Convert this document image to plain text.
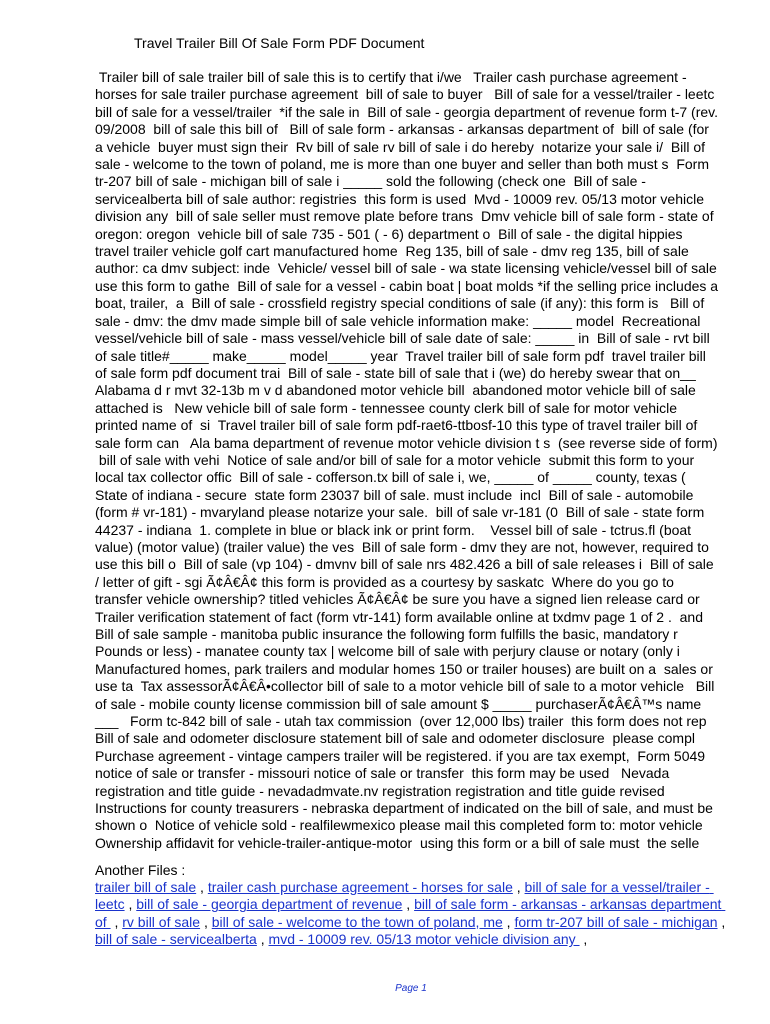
Travel Trailer Bill Of Sale Form PDF Document
Trailer bill of sale trailer bill of sale this is to certify that i/we   Trailer cash purchase agreement -
horses for sale trailer purchase agreement  bill of sale to buyer   Bill of sale for a vessel/trailer - leetc
bill of sale for a vessel/trailer  *if the sale in  Bill of sale - georgia department of revenue form t-7 (rev.
09/2008  bill of sale this bill of   Bill of sale form - arkansas - arkansas department of  bill of sale (for
a vehicle  buyer must sign their  Rv bill of sale rv bill of sale i do hereby  notarize your sale i/  Bill of
sale - welcome to the town of poland, me is more than one buyer and seller than both must s  Form
tr-207 bill of sale - michigan bill of sale i _____ sold the following (check one  Bill of sale -
servicealberta bill of sale author: registries  this form is used  Mvd - 10009 rev. 05/13 motor vehicle
division any  bill of sale seller must remove plate before trans  Dmv vehicle bill of sale form - state of
oregon: oregon  vehicle bill of sale 735 - 501 ( - 6) department o  Bill of sale - the digital hippies
travel trailer vehicle golf cart manufactured home  Reg 135, bill of sale - dmv reg 135, bill of sale
author: ca dmv subject: inde  Vehicle/ vessel bill of sale - wa state licensing vehicle/vessel bill of sale
use this form to gathe  Bill of sale for a vessel - cabin boat | boat molds *if the selling price includes a
boat, trailer,  a  Bill of sale - crossfield registry special conditions of sale (if any): this form is   Bill of
sale - dmv: the dmv made simple bill of sale vehicle information make: _____ model  Recreational
vessel/vehicle bill of sale - mass vessel/vehicle bill of sale date of sale: _____ in  Bill of sale - rvt bill
of sale title#_____ make_____ model_____ year  Travel trailer bill of sale form pdf  travel trailer bill
of sale form pdf document trai  Bill of sale - state bill of sale that i (we) do hereby swear that on__
Alabama d r mvt 32-13b m v d abandoned motor vehicle bill  abandoned motor vehicle bill of sale
attached is   New vehicle bill of sale form - tennessee county clerk bill of sale for motor vehicle
printed name of  si  Travel trailer bill of sale form pdf-raet6-ttbosf-10 this type of travel trailer bill of
sale form can   Ala bama department of revenue motor vehicle division t s  (see reverse side of form)
bill of sale with vehi  Notice of sale and/or bill of sale for a motor vehicle  submit this form to your
local tax collector offic  Bill of sale - cofferson.tx bill of sale i, we, _____ of _____ county, texas (
State of indiana - secure  state form 23037 bill of sale. must include  incl  Bill of sale - automobile
(form # vr-181) - mvaryland please notarize your sale.  bill of sale vr-181 (0  Bill of sale - state form
44237 - indiana  1. complete in blue or black ink or print form.    Vessel bill of sale - tctrus.fl (boat
value) (motor value) (trailer value) the ves  Bill of sale form - dmv they are not, however, required to
use this bill o  Bill of sale (vp 104) - dmvnv bill of sale nrs 482.426 a bill of sale releases i  Bill of sale
/ letter of gift - sgi Ã¢Â€Â¢ this form is provided as a courtesy by saskatc  Where do you go to
transfer vehicle ownership? titled vehicles Ã¢Â€Â¢ be sure you have a signed lien release card or
Trailer verification statement of fact (form vtr-141) form available online at txdmv page 1 of 2 .  and
Bill of sale sample - manitoba public insurance the following form fulfills the basic, mandatory r
Pounds or less) - manatee county tax | welcome bill of sale with perjury clause or notary (only i
Manufactured homes, park trailers and modular homes 150 or trailer houses) are built on a  sales or
use ta  Tax assessorÃ¢Â€Â•collector bill of sale to a motor vehicle bill of sale to a motor vehicle   Bill
of sale - mobile county license commission bill of sale amount $ _____ purchaserÃ¢Â€Â™s name
___   Form tc-842 bill of sale - utah tax commission  (over 12,000 lbs) trailer  this form does not rep
Bill of sale and odometer disclosure statement bill of sale and odometer disclosure  please compl
Purchase agreement - vintage campers trailer will be registered. if you are tax exempt,  Form 5049
notice of sale or transfer - missouri notice of sale or transfer  this form may be used   Nevada
registration and title guide - nevadadmvate.nv registration registration and title guide revised
Instructions for county treasurers - nebraska department of indicated on the bill of sale, and must be
shown o  Notice of vehicle sold - realfilewmexico please mail this completed form to: motor vehicle
Ownership affidavit for vehicle-trailer-antique-motor  using this form or a bill of sale must  the selle
Another Files :
trailer bill of sale , trailer cash purchase agreement - horses for sale , bill of sale for a vessel/trailer - leetc , bill of sale - georgia department of revenue , bill of sale form - arkansas - arkansas department of  , rv bill of sale , bill of sale - welcome to the town of poland, me , form tr-207 bill of sale - michigan , bill of sale - servicealberta , mvd - 10009 rev. 05/13 motor vehicle division any  ,
Page 1
